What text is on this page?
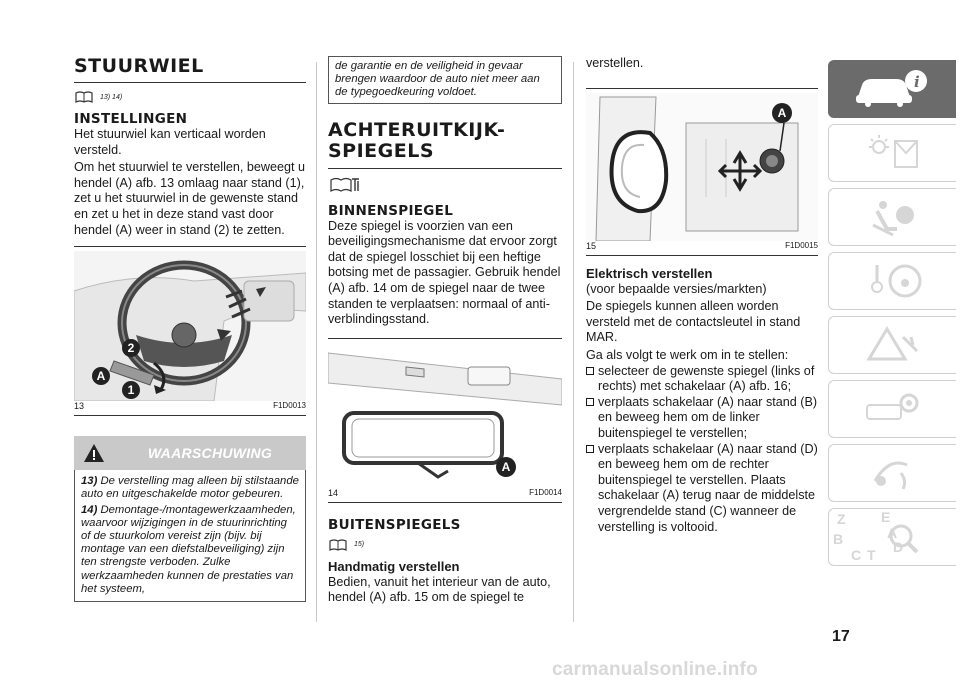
STUURWIEL
13) 14)
INSTELLINGEN
Het stuurwiel kan verticaal worden versteld.
Om het stuurwiel te verstellen, beweegt u hendel (A) afb. 13 omlaag naar stand (1), zet u het stuurwiel in de gewenste stand en zet u het in deze stand vast door hendel (A) weer in stand (2) te zetten.
2
A
1
13	F1D0013
WAARSCHUWING
13) De verstelling mag alleen bij stilstaande auto en uitgeschakelde motor gebeuren.
14) Demontage-/montagewerkzaamheden, waarvoor wijzigingen in de stuurinrichting of de stuurkolom vereist zijn (bijv. bij montage van een diefstalbeveiliging) zijn ten strengste verboden. Zulke werkzaamheden kunnen de prestaties van het systeem,
de garantie en de veiligheid in gevaar brengen waardoor de auto niet meer aan de typegoedkeuring voldoet.
ACHTERUITKIJK-SPIEGELS
BINNENSPIEGEL
Deze spiegel is voorzien van een beveiligingsmechanisme dat ervoor zorgt dat de spiegel losschiet bij een heftige botsing met de passagier. Gebruik hendel (A) afb. 14 om de spiegel naar de twee standen te verplaatsen: normaal of anti-verblindingsstand.
A
14	F1D0014
BUITENSPIEGELS
15)
Handmatig verstellen
Bedien, vanuit het interieur van de auto, hendel (A) afb. 15 om de spiegel te
verstellen.
A
15	F1D0015
Elektrisch verstellen
(voor bepaalde versies/markten)
De spiegels kunnen alleen worden versteld met de contactsleutel in stand MAR.
Ga als volgt te werk om in te stellen:
selecteer de gewenste spiegel (links of rechts) met schakelaar (A) afb. 16;
verplaats schakelaar (A) naar stand (B) en beweeg hem om de linker buitenspiegel te verstellen;
verplaats schakelaar (A) naar stand (D) en beweeg hem om de rechter buitenspiegel te verstellen. Plaats schakelaar (A) terug naar de middelste vergrendelde stand (C) wanneer de verstelling is voltooid.
i
Z	E
B	A
C T D
17
carmanualsonline.info
